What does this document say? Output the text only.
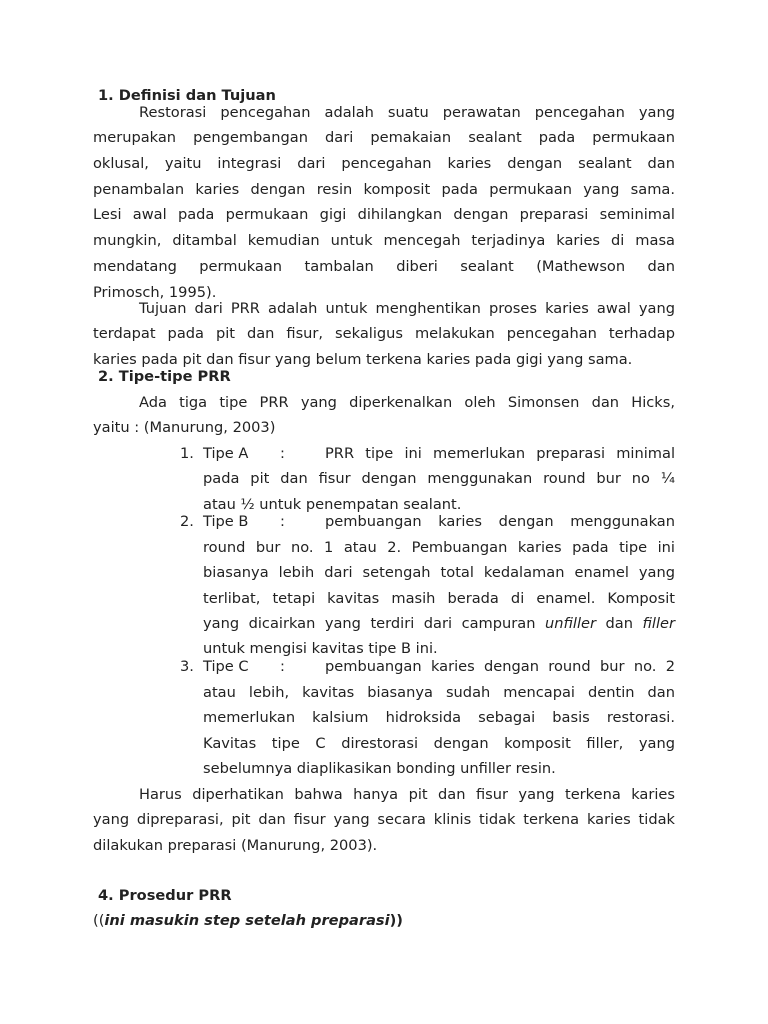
1. Definisi dan Tujuan
Restorasi pencegahan adalah suatu perawatan pencegahan yang
merupakan pengembangan dari pemakaian sealant pada permukaan
oklusal, yaitu integrasi dari pencegahan karies dengan sealant dan
penambalan karies dengan resin komposit pada permukaan yang sama.
Lesi awal pada permukaan gigi dihilangkan dengan preparasi seminimal
mungkin, ditambal kemudian untuk mencegah terjadinya karies di masa
mendatang permukaan tambalan diberi sealant (Mathewson dan
Primosch, 1995).
Tujuan dari PRR adalah untuk menghentikan proses karies awal yang
terdapat pada pit dan fisur, sekaligus melakukan pencegahan terhadap
karies pada pit dan fisur yang belum terkena karies pada gigi yang sama.
2. Tipe-tipe PRR
Ada tiga tipe PRR yang diperkenalkan oleh Simonsen dan Hicks,
yaitu : (Manurung, 2003)
1. Tipe A :	PRR tipe ini memerlukan preparasi minimal
pada pit dan fisur dengan menggunakan round bur no ¼
atau ½ untuk penempatan sealant.
2. Tipe B :	pembuangan karies dengan menggunakan
round bur no. 1 atau 2. Pembuangan karies pada tipe ini
biasanya lebih dari setengah total kedalaman enamel yang
terlibat, tetapi kavitas masih berada di enamel. Komposit
yang dicairkan yang terdiri dari campuran unfiller dan filler
untuk mengisi kavitas tipe B ini.
3. Tipe C :	pembuangan karies dengan round bur no. 2
atau lebih, kavitas biasanya sudah mencapai dentin dan
memerlukan kalsium hidroksida sebagai basis restorasi.
Kavitas tipe C direstorasi dengan komposit filler, yang
sebelumnya diaplikasikan bonding unfiller resin.
Harus diperhatikan bahwa hanya pit dan fisur yang terkena karies
yang dipreparasi, pit dan fisur yang secara klinis tidak terkena karies tidak
dilakukan preparasi (Manurung, 2003).
4. Prosedur PRR
((ini masukin step setelah preparasi))
